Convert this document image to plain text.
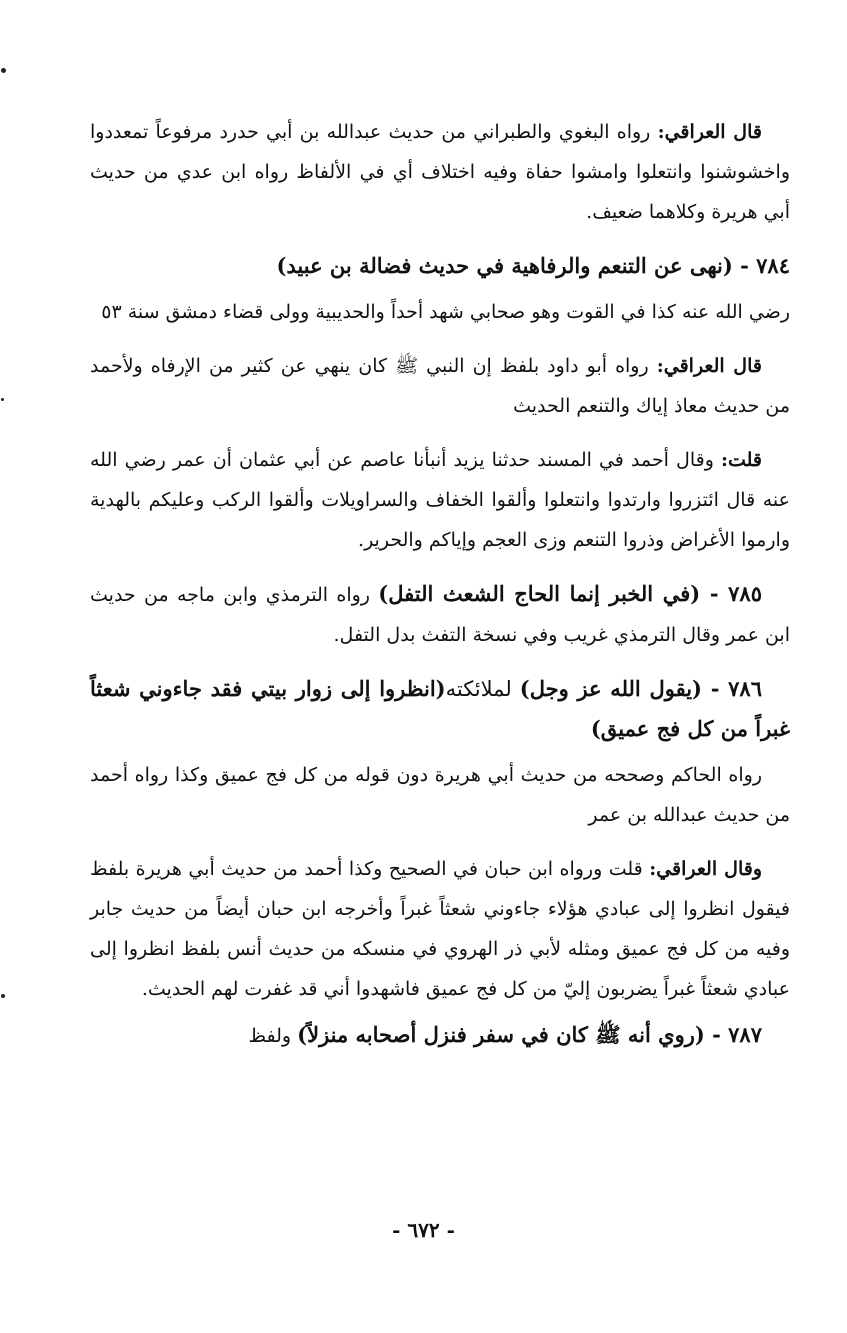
قال العراقي: رواه البغوي والطبراني من حديث عبدالله بن أبي حدرد مرفوعاً تمعددوا واخشوشنوا وانتعلوا وامشوا حفاة وفيه اختلاف أي في الألفاظ رواه ابن عدي من حديث أبي هريرة وكلاهما ضعيف.

٧٨٤ - (نهى عن التنعم والرفاهية في حديث فضالة بن عبيد)

رضي الله عنه كذا في القوت وهو صحابي شهد أحداً والحديبية وولى قضاء دمشق سنة ٥٣

قال العراقي: رواه أبو داود بلفظ إن النبي ﷺ كان ينهي عن كثير من الإرفاه ولأحمد من حديث معاذ إياك والتنعم الحديث

قلت: وقال أحمد في المسند حدثنا يزيد أنبأنا عاصم عن أبي عثمان أن عمر رضي الله عنه قال ائتزروا وارتدوا وانتعلوا وألقوا الخفاف والسراويلات وألقوا الركب وعليكم بالهدية وارموا الأغراض وذروا التنعم وزى العجم وإياكم والحرير.

٧٨٥ - (في الخبر إنما الحاج الشعث التفل) رواه الترمذي وابن ماجه من حديث ابن عمر وقال الترمذي غريب وفي نسخة التفث بدل التفل.

٧٨٦ - (يقول الله عز وجل) لملائكته(انظروا إلى زوار بيتي فقد جاءوني شعثاً غبراً من كل فج عميق)

رواه الحاكم وصححه من حديث أبي هريرة دون قوله من كل فج عميق وكذا رواه أحمد من حديث عبدالله بن عمر

وقال العراقي: قلت ورواه ابن حبان في الصحيح وكذا أحمد من حديث أبي هريرة بلفظ فيقول انظروا إلى عبادي هؤلاء جاءوني شعثاً غبراً وأخرجه ابن حبان أيضاً من حديث جابر وفيه من كل فج عميق ومثله لأبي ذر الهروي في منسكه من حديث أنس بلفظ انظروا إلى عبادي شعثاً غبراً يضربون إليّ من كل فج عميق فاشهدوا أني قد غفرت لهم الحديث.

٧٨٧ - (روي أنه ﷺ كان في سفر فنزل أصحابه منزلاً) ولفظ

- ٦٧٢ -
